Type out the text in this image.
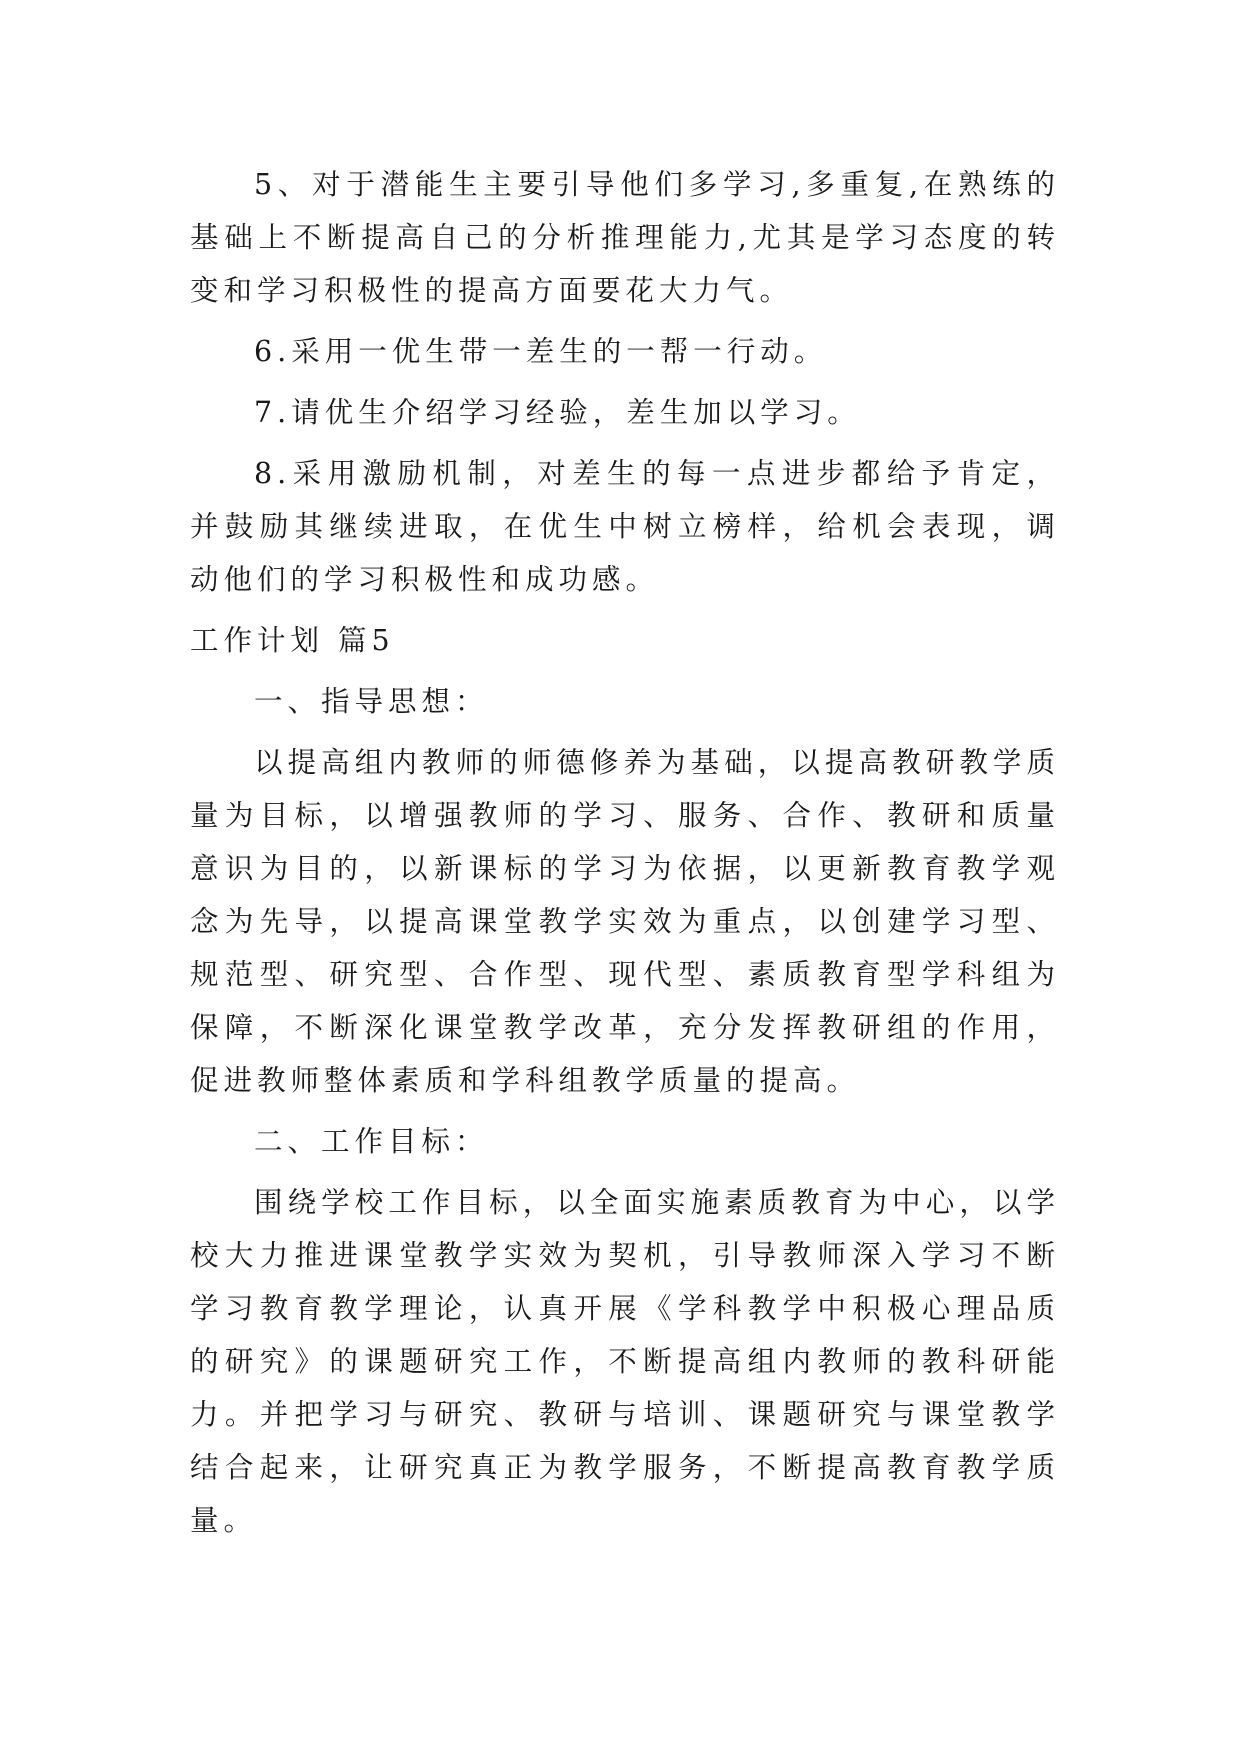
5、对于潜能生主要引导他们多学习,多重复,在熟练的基础上不断提高自己的分析推理能力,尤其是学习态度的转变和学习积极性的提高方面要花大力气。

6.采用一优生带一差生的一帮一行动。

7.请优生介绍学习经验，差生加以学习。

8.采用激励机制，对差生的每一点进步都给予肯定，并鼓励其继续进取，在优生中树立榜样，给机会表现，调动他们的学习积极性和成功感。

工作计划 篇5

一、指导思想：

以提高组内教师的师德修养为基础，以提高教研教学质量为目标，以增强教师的学习、服务、合作、教研和质量意识为目的，以新课标的学习为依据，以更新教育教学观念为先导，以提高课堂教学实效为重点，以创建学习型、规范型、研究型、合作型、现代型、素质教育型学科组为保障，不断深化课堂教学改革，充分发挥教研组的作用，促进教师整体素质和学科组教学质量的提高。

二、工作目标：

围绕学校工作目标，以全面实施素质教育为中心，以学校大力推进课堂教学实效为契机，引导教师深入学习不断学习教育教学理论，认真开展《学科教学中积极心理品质的研究》的课题研究工作，不断提高组内教师的教科研能力。并把学习与研究、教研与培训、课题研究与课堂教学结合起来，让研究真正为教学服务，不断提高教育教学质量。
